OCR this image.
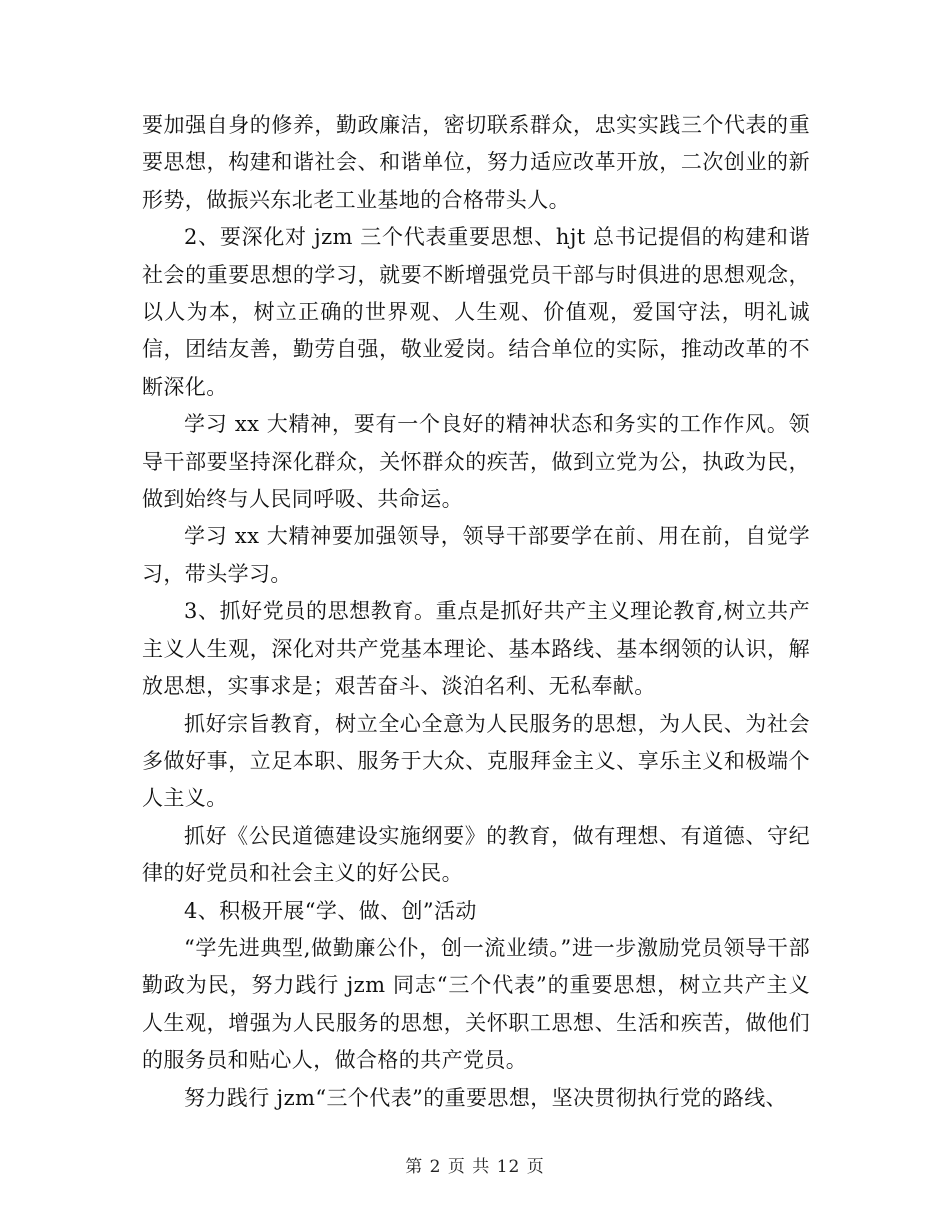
要加强自身的修养，勤政廉洁，密切联系群众，忠实实践三个代表的重要思想，构建和谐社会、和谐单位，努力适应改革开放，二次创业的新形势，做振兴东北老工业基地的合格带头人。

2、要深化对 jzm 三个代表重要思想、hjt 总书记提倡的构建和谐社会的重要思想的学习，就要不断增强党员干部与时俱进的思想观念，以人为本，树立正确的世界观、人生观、价值观，爱国守法，明礼诚信，团结友善，勤劳自强，敬业爱岗。结合单位的实际，推动改革的不断深化。

学习 xx 大精神，要有一个良好的精神状态和务实的工作作风。领导干部要坚持深化群众，关怀群众的疾苦，做到立党为公，执政为民，做到始终与人民同呼吸、共命运。

学习 xx 大精神要加强领导，领导干部要学在前、用在前，自觉学习，带头学习。

3、抓好党员的思想教育。重点是抓好共产主义理论教育,树立共产主义人生观，深化对共产党基本理论、基本路线、基本纲领的认识，解放思想，实事求是；艰苦奋斗、淡泊名利、无私奉献。

抓好宗旨教育，树立全心全意为人民服务的思想，为人民、为社会多做好事，立足本职、服务于大众、克服拜金主义、享乐主义和极端个人主义。

抓好《公民道德建设实施纲要》的教育，做有理想、有道德、守纪律的好党员和社会主义的好公民。

4、积极开展“学、做、创”活动

“学先进典型,做勤廉公仆，创一流业绩。”进一步激励党员领导干部勤政为民，努力践行 jzm 同志“三个代表”的重要思想，树立共产主义人生观，增强为人民服务的思想，关怀职工思想、生活和疾苦，做他们的服务员和贴心人，做合格的共产党员。

努力践行 jzm“三个代表”的重要思想，坚决贯彻执行党的路线、

第 2 页 共 12 页
